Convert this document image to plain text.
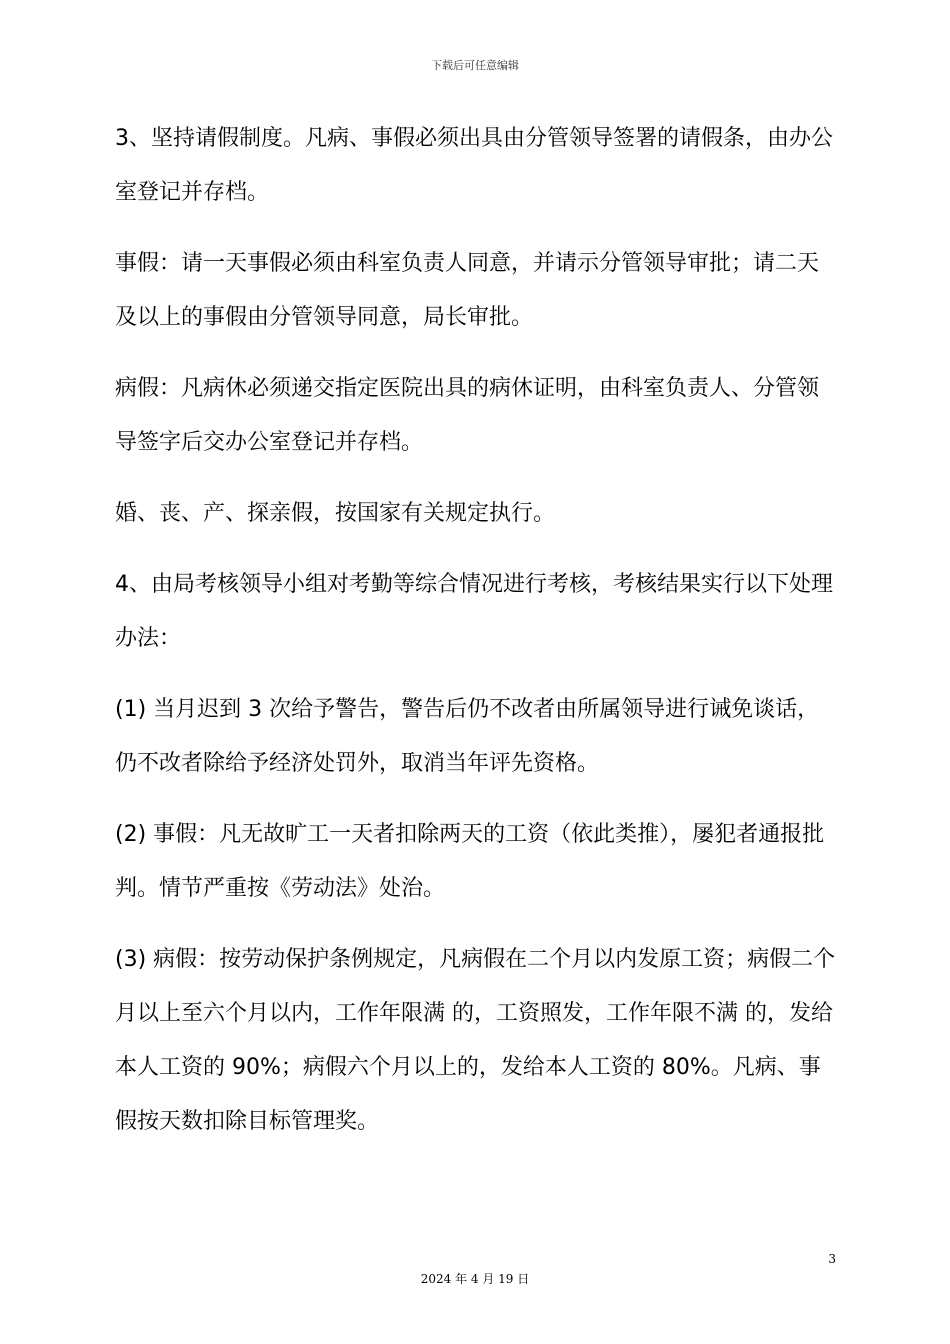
下载后可任意编辑

3、坚持请假制度。凡病、事假必须出具由分管领导签署的请假条，由办公室登记并存档。

事假：请一天事假必须由科室负责人同意，并请示分管领导审批；请二天及以上的事假由分管领导同意，局长审批。

病假：凡病休必须递交指定医院出具的病休证明，由科室负责人、分管领导签字后交办公室登记并存档。

婚、丧、产、探亲假，按国家有关规定执行。

4、由局考核领导小组对考勤等综合情况进行考核，考核结果实行以下处理办法：

(1) 当月迟到 3 次给予警告，警告后仍不改者由所属领导进行诫免谈话，仍不改者除给予经济处罚外，取消当年评先资格。

(2) 事假：凡无故旷工一天者扣除两天的工资（依此类推），屡犯者通报批判。情节严重按《劳动法》处治。

(3) 病假：按劳动保护条例规定，凡病假在二个月以内发原工资；病假二个月以上至六个月以内，工作年限满 的，工资照发，工作年限不满 的，发给本人工资的 90%；病假六个月以上的，发给本人工资的 80%。凡病、事假按天数扣除目标管理奖。

3
2024 年 4 月 19 日
